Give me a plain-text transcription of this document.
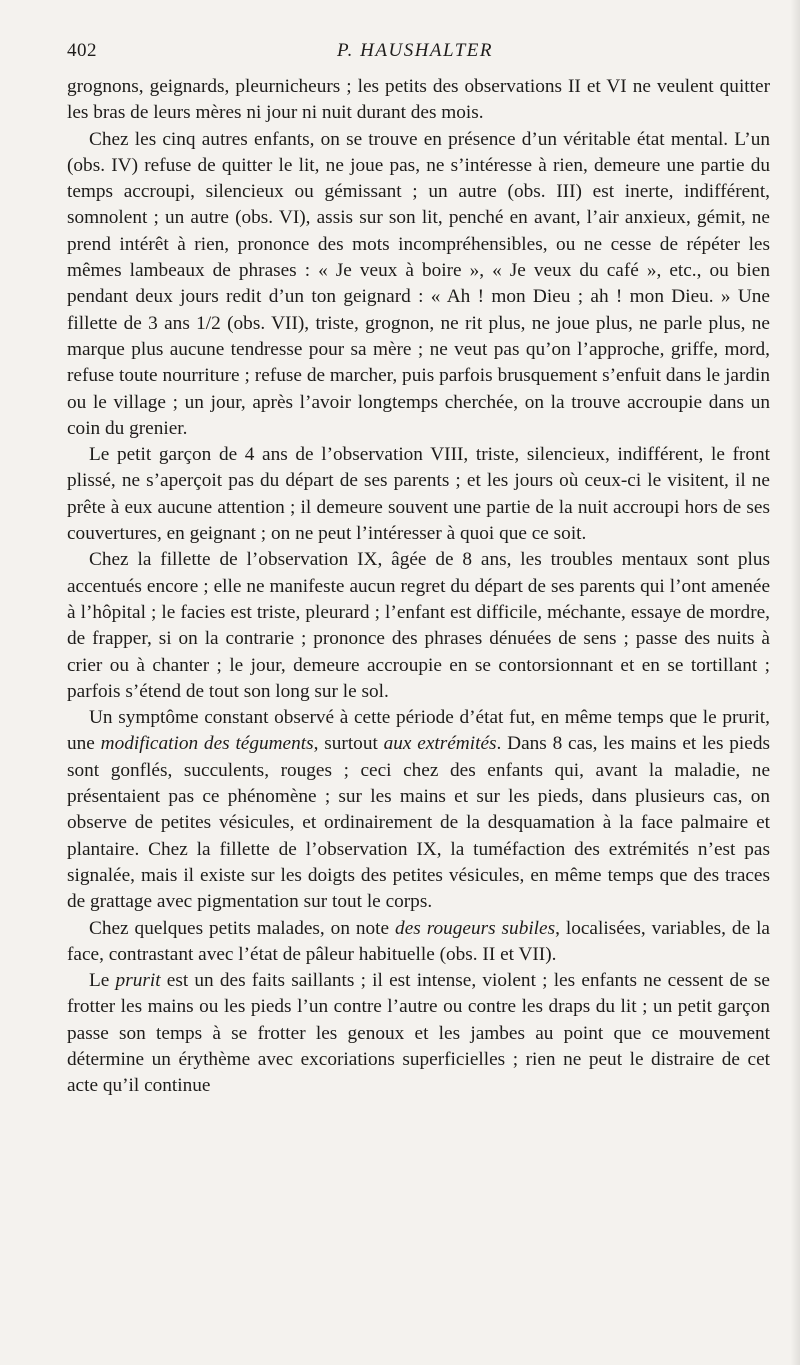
402	P. HAUSHALTER

grognons, geignards, pleurnicheurs ; les petits des observations II et VI ne veulent quitter les bras de leurs mères ni jour ni nuit durant des mois.

Chez les cinq autres enfants, on se trouve en présence d’un véritable état mental. L’un (obs. IV) refuse de quitter le lit, ne joue pas, ne s’intéresse à rien, demeure une partie du temps accroupi, silencieux ou gémissant ; un autre (obs. III) est inerte, indifférent, somnolent ; un autre (obs. VI), assis sur son lit, penché en avant, l’air anxieux, gémit, ne prend intérêt à rien, prononce des mots incompréhensibles, ou ne cesse de répéter les mêmes lambeaux de phrases : « Je veux à boire », « Je veux du café », etc., ou bien pendant deux jours redit d’un ton geignard : « Ah ! mon Dieu ; ah ! mon Dieu. » Une fillette de 3 ans 1/2 (obs. VII), triste, grognon, ne rit plus, ne joue plus, ne parle plus, ne marque plus aucune tendresse pour sa mère ; ne veut pas qu’on l’approche, griffe, mord, refuse toute nourriture ; refuse de marcher, puis parfois brusquement s’enfuit dans le jardin ou le village ; un jour, après l’avoir longtemps cherchée, on la trouve accroupie dans un coin du grenier.

Le petit garçon de 4 ans de l’observation VIII, triste, silencieux, indifférent, le front plissé, ne s’aperçoit pas du départ de ses parents ; et les jours où ceux-ci le visitent, il ne prête à eux aucune attention ; il demeure souvent une partie de la nuit accroupi hors de ses couvertures, en geignant ; on ne peut l’intéresser à quoi que ce soit.

Chez la fillette de l’observation IX, âgée de 8 ans, les troubles mentaux sont plus accentués encore ; elle ne manifeste aucun regret du départ de ses parents qui l’ont amenée à l’hôpital ; le facies est triste, pleurard ; l’enfant est difficile, méchante, essaye de mordre, de frapper, si on la contrarie ; prononce des phrases dénuées de sens ; passe des nuits à crier ou à chanter ; le jour, demeure accroupie en se contorsionnant et en se tortillant ; parfois s’étend de tout son long sur le sol.

Un symptôme constant observé à cette période d’état fut, en même temps que le prurit, une modification des téguments, surtout aux extrémités. Dans 8 cas, les mains et les pieds sont gonflés, succulents, rouges ; ceci chez des enfants qui, avant la maladie, ne présentaient pas ce phénomène ; sur les mains et sur les pieds, dans plusieurs cas, on observe de petites vésicules, et ordinairement de la desquamation à la face palmaire et plantaire. Chez la fillette de l’observation IX, la tuméfaction des extrémités n’est pas signalée, mais il existe sur les doigts des petites vésicules, en même temps que des traces de grattage avec pigmentation sur tout le corps.

Chez quelques petits malades, on note des rougeurs subiles, localisées, variables, de la face, contrastant avec l’état de pâleur habituelle (obs. II et VII).

Le prurit est un des faits saillants ; il est intense, violent ; les enfants ne cessent de se frotter les mains ou les pieds l’un contre l’autre ou contre les draps du lit ; un petit garçon passe son temps à se frotter les genoux et les jambes au point que ce mouvement détermine un érythème avec excoriations superficielles ; rien ne peut le distraire de cet acte qu’il continue
